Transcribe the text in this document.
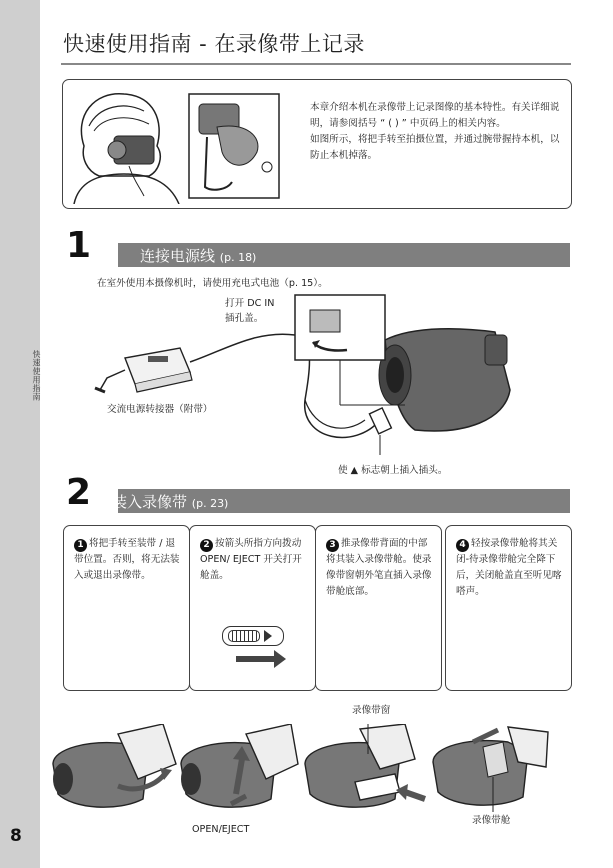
快速使用指南
8
快速使用指南 - 在录像带上记录

本章介绍本机在录像带上记录图像的基本特性。有关详细说明，请参阅括号 “ ( ) ” 中页码上的相关内容。

如图所示，将把手转至拍摄位置，并通过腕带握持本机，以防止本机掉落。

1	连接电源线 (p. 18)
在室外使用本摄像机时，请使用充电式电池（p. 15）。
打开 DC IN
插孔盖。
交流电源转接器（附带）
使 ▲ 标志朝上插入插头。
2 装入录像带 (p. 23)
1 将把手转至装带 / 退带位置。否则，将无法装入或退出录像带。
2 按箭头所指方向拨动 OPEN/ EJECT 开关打开舱盖。
3 推录像带背面的中部将其装入录像带舱。使录像带窗朝外笔直插入录像带舱底部。
4 轻按录像带舱将其关闭-待录像带舱完全降下后，关闭舱盖直至听见喀嗒声。
录像带窗
录像带舱
OPEN/EJECT
